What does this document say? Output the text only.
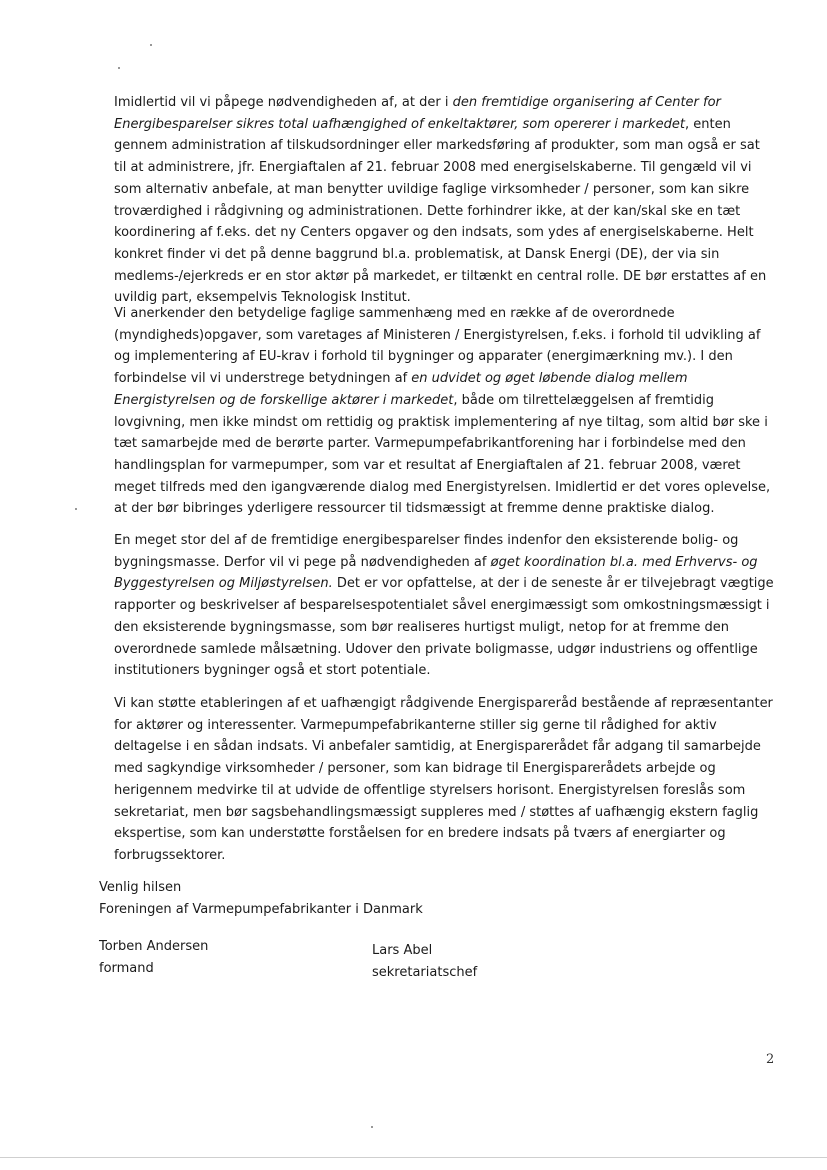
Imidlertid vil vi påpege nødvendigheden af, at der i den fremtidige organisering af Center for Energibesparelser sikres total uafhængighed of enkeltaktører, som opererer i markedet, enten gennem administration af tilskudsordninger eller markedsføring af produkter, som man også er sat til at administrere, jfr. Energiaftalen af 21. februar 2008 med energiselskaberne. Til gengæld vil vi som alternativ anbefale, at man benytter uvildige faglige virksomheder / personer, som kan sikre troværdighed i rådgivning og administrationen. Dette forhindrer ikke, at der kan/skal ske en tæt koordinering af f.eks. det ny Centers opgaver og den indsats, som ydes af energiselskaberne. Helt konkret finder vi det på denne baggrund bl.a. problematisk, at Dansk Energi (DE), der via sin medlems-/ejerkreds er en stor aktør på markedet, er tiltænkt en central rolle. DE bør erstattes af en uvildig part, eksempelvis Teknologisk Institut.

Vi anerkender den betydelige faglige sammenhæng med en række af de overordnede (myndigheds)opgaver, som varetages af Ministeren / Energistyrelsen, f.eks. i forhold til udvikling af og implementering af EU-krav i forhold til bygninger og apparater (energimærkning mv.). I den forbindelse vil vi understrege betydningen af en udvidet og øget løbende dialog mellem Energistyrelsen og de forskellige aktører i markedet, både om tilrettelæggelsen af fremtidig lovgivning, men ikke mindst om rettidig og praktisk implementering af nye tiltag, som altid bør ske i tæt samarbejde med de berørte parter. Varmepumpefabrikantforening har i forbindelse med den handlingsplan for varmepumper, som var et resultat af Energiaftalen af 21. februar 2008, været meget tilfreds med den igangværende dialog med Energistyrelsen. Imidlertid er det vores oplevelse, at der bør bibringes yderligere ressourcer til tidsmæssigt at fremme denne praktiske dialog.

En meget stor del af de fremtidige energibesparelser findes indenfor den eksisterende bolig- og bygningsmasse. Derfor vil vi pege på nødvendigheden af øget koordination bl.a. med Erhvervs- og Byggestyrelsen og Miljøstyrelsen. Det er vor opfattelse, at der i de seneste år er tilvejebragt vægtige rapporter og beskrivelser af besparelsespotentialet såvel energimæssigt som omkostningsmæssigt i den eksisterende bygningsmasse, som bør realiseres hurtigst muligt, netop for at fremme den overordnede samlede målsætning. Udover den private boligmasse, udgør industriens og offentlige institutioners bygninger også et stort potentiale.

Vi kan støtte etableringen af et uafhængigt rådgivende Energisparеråd bestående af repræsentanter for aktører og interessenter. Varmepumpefabrikanterne stiller sig gerne til rådighed for aktiv deltagelse i en sådan indsats. Vi anbefaler samtidig, at Energisparerådet får adgang til samarbejde med sagkyndige virksomheder / personer, som kan bidrage til Energisparerådets arbejde og herigennem medvirke til at udvide de offentlige styrelsers horisont. Energistyrelsen foreslås som sekretariat, men bør sagsbehandlingsmæssigt suppleres med / støttes af uafhængig ekstern faglig ekspertise, som kan understøtte forståelsen for en bredere indsats på tværs af energiarter og forbrugssektorer.

Venlig hilsen
Foreningen af Varmepumpefabrikanter i Danmark
Torben Andersen
formand
Lars Abel
sekretariatschef
2
